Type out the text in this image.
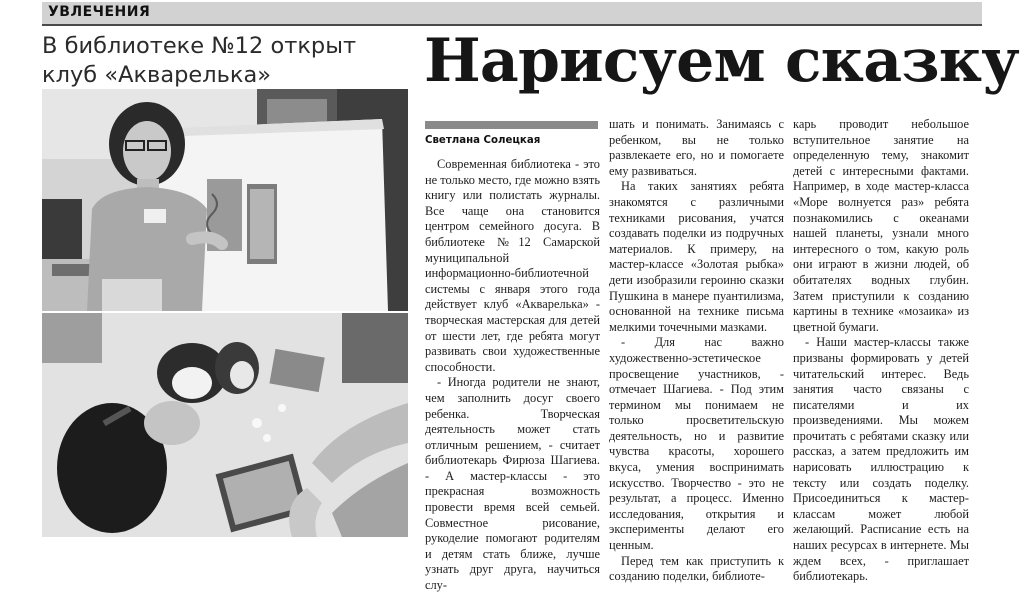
УВЛЕЧЕНИЯ
В библиотеке №12 открыт клуб «Акварелька»	Нарисуем сказку
Светлана Солецкая

Современная библиотека - это не только место, где можно взять книгу или полистать журналы. Все чаще она становится центром семейного досуга. В библиотеке №12 Самарской муниципальной информационно-библиотечной системы с января этого года действует клуб «Акварелька» - творческая мастерская для детей от шести лет, где ребята могут развивать свои художественные способности.

- Иногда родители не знают, чем заполнить досуг своего ребенка. Творческая деятельность может стать отличным решением, - считает библиотекарь Фирюза Шагиева. - А мастер-классы - это прекрасная возможность провести время всей семьей. Совместное рисование, рукоделие помогают родителям и детям стать ближе, лучше узнать друг друга, научиться слу-

шать и понимать. Занимаясь с ребенком, вы не только развлекаете его, но и помогаете ему развиваться.

На таких занятиях ребята знакомятся с различными техниками рисования, учатся создавать поделки из подручных материалов. К примеру, на мастер-классе «Золотая рыбка» дети изобразили героиню сказки Пушкина в манере пуантилизма, основанной на технике письма мелкими точечными мазками.

- Для нас важно художественно-эстетическое просвещение участников, - отмечает Шагиева. - Под этим термином мы понимаем не только просветительскую деятельность, но и развитие чувства красоты, хорошего вкуса, умения воспринимать искусство. Творчество - это не результат, а процесс. Именно исследования, открытия и эксперименты делают его ценным.

Перед тем как приступить к созданию поделки, библиоте-

карь проводит небольшое вступительное занятие на определенную тему, знакомит детей с интересными фактами. Например, в ходе мастер-класса «Море волнуется раз» ребята познакомились с океанами нашей планеты, узнали много интересного о том, какую роль они играют в жизни людей, об обитателях водных глубин. Затем приступили к созданию картины в технике «мозаика» из цветной бумаги.

- Наши мастер-классы также призваны формировать у детей читательский интерес. Ведь занятия часто связаны с писателями и их произведениями. Мы можем прочитать с ребятами сказку или рассказ, а затем предложить им нарисовать иллюстрацию к тексту или создать поделку. Присоединиться к мастер-классам может любой желающий. Расписание есть на наших ресурсах в интернете. Мы ждем всех, - приглашает библиотекарь.
